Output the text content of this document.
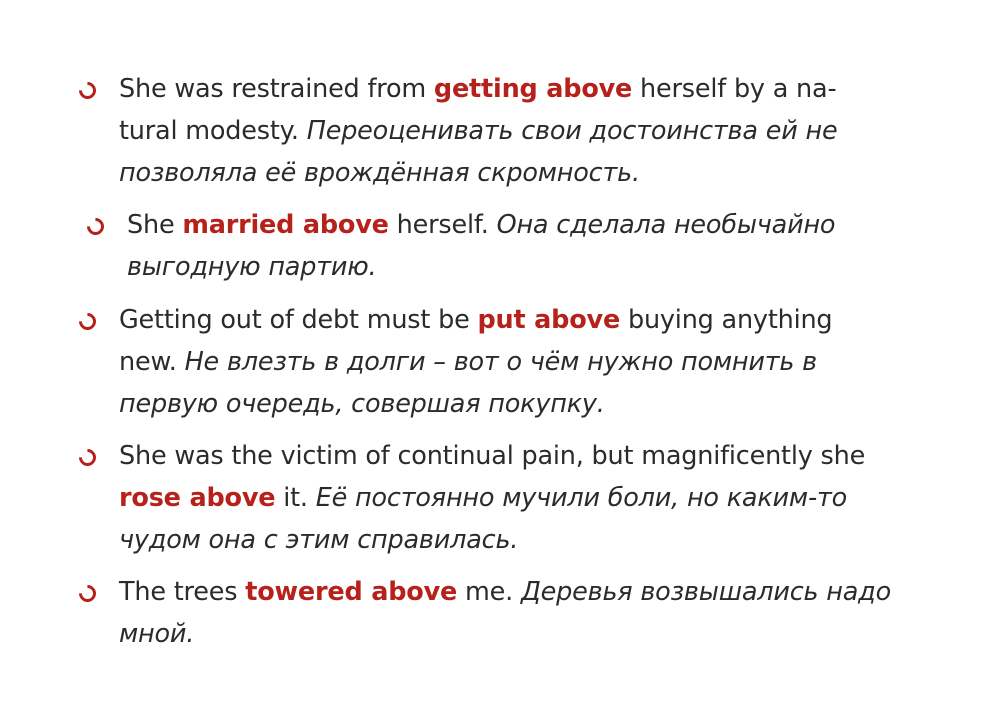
She was restrained from getting above herself by a na-
tural modesty. Переоценивать свои достоинства ей не
позволяла её врождённая скромность.
She married above herself. Она сделала необычайно
выгодную партию.
Getting out of debt must be put above buying anything
new. Не влезть в долги – вот о чём нужно помнить в
первую очередь, совершая покупку.
She was the victim of continual pain, but magnificently she
rose above it. Её постоянно мучили боли, но каким-то
чудом она с этим справилась.
The trees towered above me. Деревья возвышались надо
мной.
